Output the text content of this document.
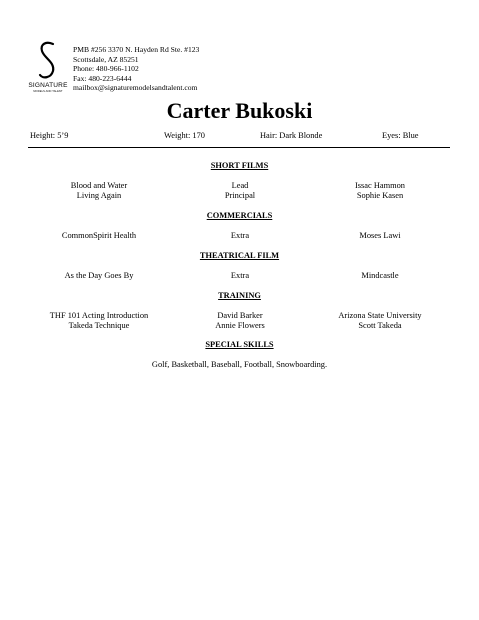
SIGNATURE
MODELS AND TALENT
PMB #256 3370 N. Hayden Rd Ste. #123
Scottsdale, AZ 85251
Phone: 480-966-1102
Fax: 480-223-6444
mailbox@signaturemodelsandtalent.com
Carter Bukoski
Height: 5’9	Weight: 170	Hair: Dark Blonde	Eyes: Blue
SHORT FILMS
Blood and Water	Lead	Issac Hammon
Living Again	Principal	Sophie Kasen
COMMERCIALS
CommonSpirit Health	Extra	Moses Lawi
THEATRICAL FILM
As the Day Goes By	Extra	Mindcastle
TRAINING
THF 101 Acting Introduction	David Barker	Arizona State University
Takeda Technique	Annie Flowers	Scott Takeda
SPECIAL SKILLS
Golf, Basketball, Baseball, Football, Snowboarding.
